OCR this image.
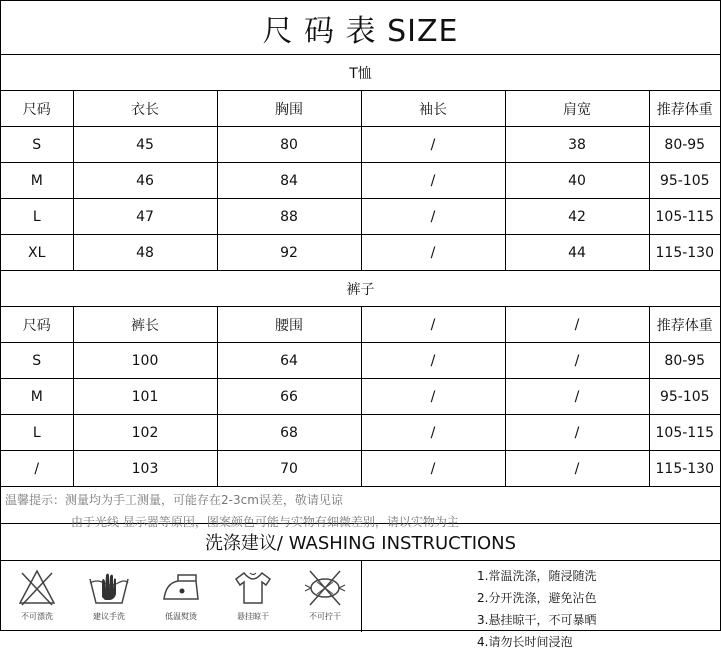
尺 码 表 SIZE
T恤
尺码	衣长	胸围	袖长	肩宽	推荐体重
S	45	80	/	38	80-95
M	46	84	/	40	95-105
L	47	88	/	42	105-115
XL	48	92	/	44	115-130
裤子
尺码	裤长	腰围	/	/	推荐体重
S	100	64	/	/	80-95
M	101	66	/	/	95-105
L	102	68	/	/	105-115
/	103	70	/	/	115-130
温馨提示：测量均为手工测量，可能存在2-3cm误差，敬请见谅
由于光线 显示器等原因，图案颜色可能与实物有细微差别，请以实物为主
洗涤建议/ WASHING INSTRUCTIONS
不可漂洗	建议手洗	低温熨烫	悬挂晾干	不可拧干
1.常温洗涤，随浸随洗
2.分开洗涤，避免沾色
3.悬挂晾干，不可暴晒
4.请勿长时间浸泡
